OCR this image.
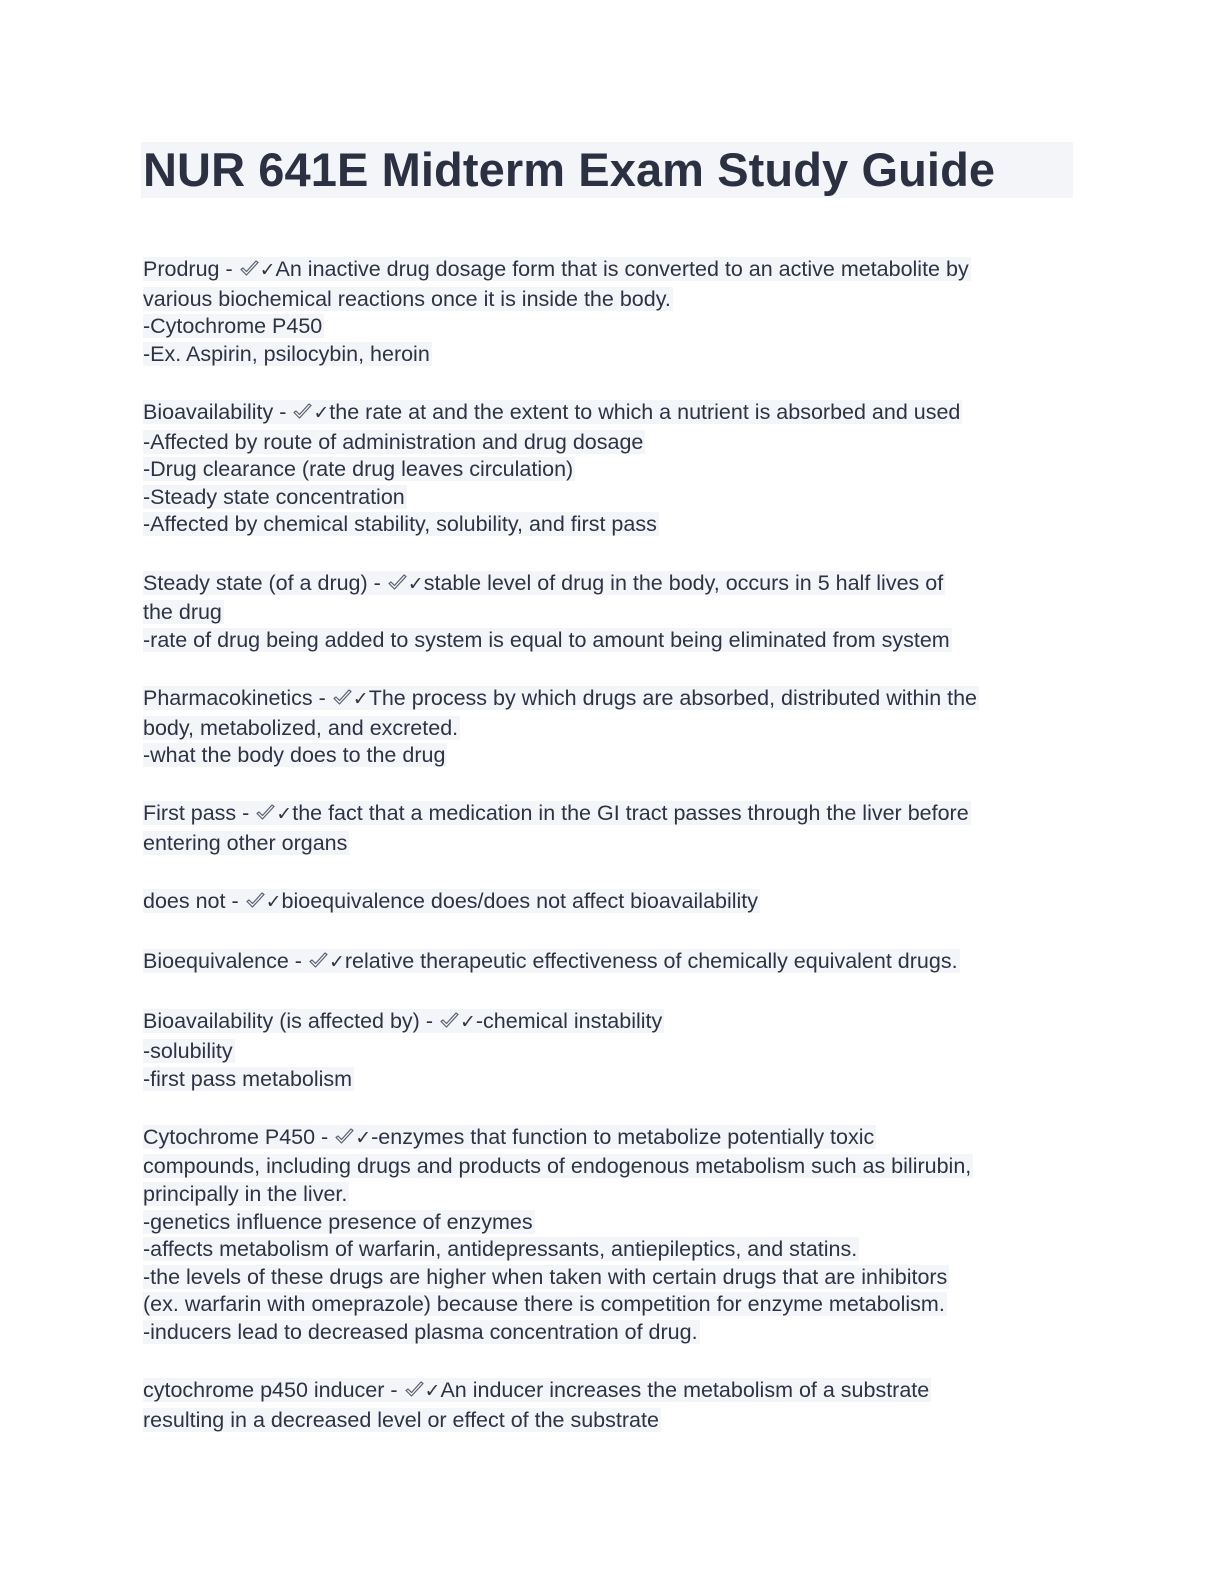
NUR 641E Midterm Exam Study Guide
Prodrug - ✓An inactive drug dosage form that is converted to an active metabolite by
various biochemical reactions once it is inside the body.
-Cytochrome P450
-Ex. Aspirin, psilocybin, heroin
Bioavailability - ✓the rate at and the extent to which a nutrient is absorbed and used
-Affected by route of administration and drug dosage
-Drug clearance (rate drug leaves circulation)
-Steady state concentration
-Affected by chemical stability, solubility, and first pass
Steady state (of a drug) - ✓stable level of drug in the body, occurs in 5 half lives of
the drug
-rate of drug being added to system is equal to amount being eliminated from system
Pharmacokinetics - ✓The process by which drugs are absorbed, distributed within the
body, metabolized, and excreted.
-what the body does to the drug
First pass - ✓the fact that a medication in the GI tract passes through the liver before
entering other organs
does not - ✓bioequivalence does/does not affect bioavailability
Bioequivalence - ✓relative therapeutic effectiveness of chemically equivalent drugs.
Bioavailability (is affected by) - ✓-chemical instability
-solubility
-first pass metabolism
Cytochrome P450 - ✓-enzymes that function to metabolize potentially toxic
compounds, including drugs and products of endogenous metabolism such as bilirubin,
principally in the liver.
-genetics influence presence of enzymes
-affects metabolism of warfarin, antidepressants, antiepileptics, and statins.
-the levels of these drugs are higher when taken with certain drugs that are inhibitors
(ex. warfarin with omeprazole) because there is competition for enzyme metabolism.
-inducers lead to decreased plasma concentration of drug.
cytochrome p450 inducer - ✓An inducer increases the metabolism of a substrate
resulting in a decreased level or effect of the substrate
